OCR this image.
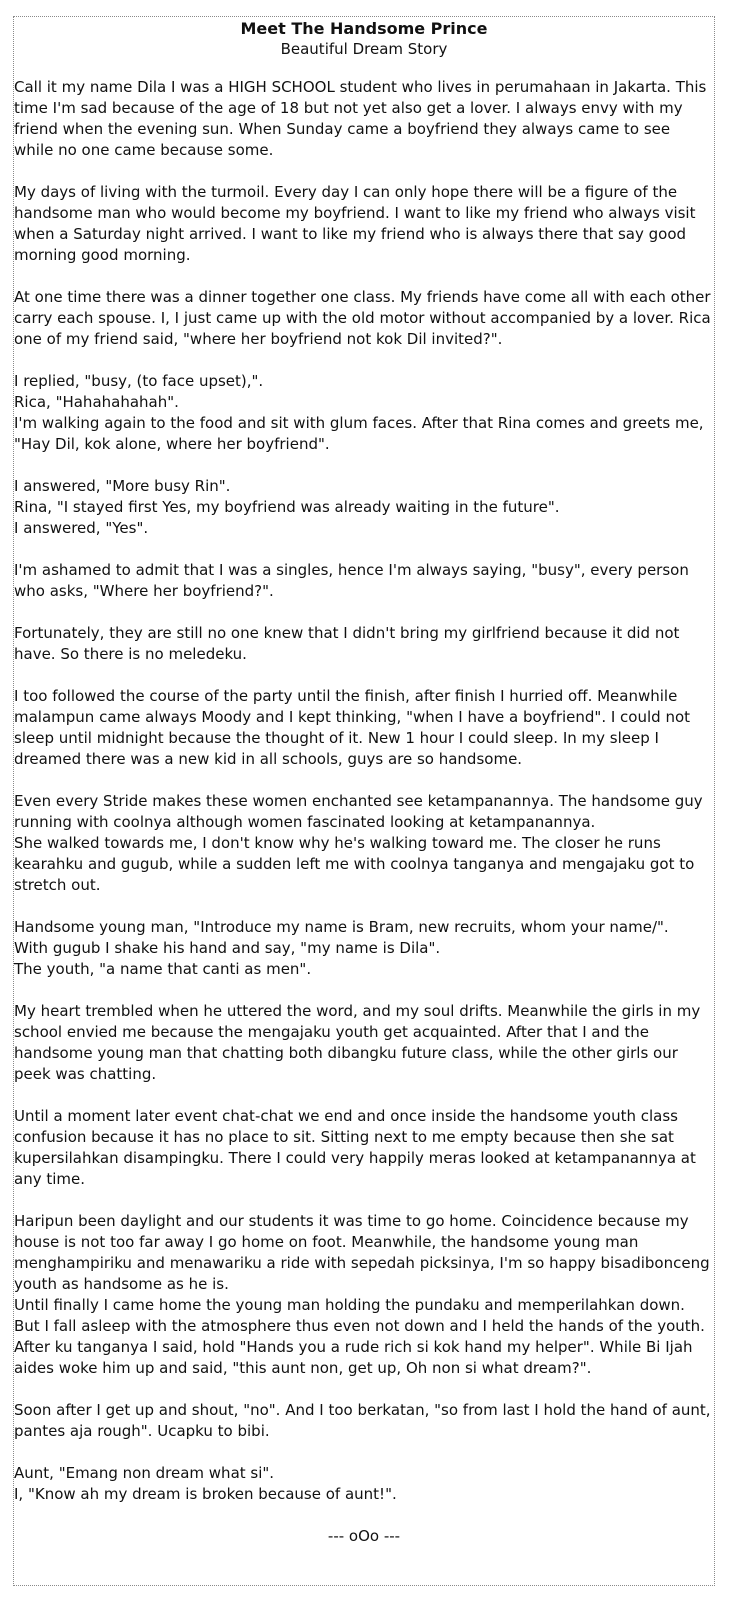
Meet The Handsome Prince

Beautiful Dream Story

Call it my name Dila I was a HIGH SCHOOL student who lives in perumahaan in Jakarta. This time I'm sad because of the age of 18 but not yet also get a lover. I always envy with my friend when the evening sun. When Sunday came a boyfriend they always came to see while no one came because some.
My days of living with the turmoil. Every day I can only hope there will be a figure of the handsome man who would become my boyfriend. I want to like my friend who always visit when a Saturday night arrived. I want to like my friend who is always there that say good morning good morning.
At one time there was a dinner together one class. My friends have come all with each other carry each spouse. I, I just came up with the old motor without accompanied by a lover. Rica one of my friend said, "where her boyfriend not kok Dil invited?".
I replied, "busy, (to face upset),".
Rica, "Hahahahahah".
I'm walking again to the food and sit with glum faces. After that Rina comes and greets me, "Hay Dil, kok alone, where her boyfriend".
I answered, "More busy Rin".
Rina, "I stayed first Yes, my boyfriend was already waiting in the future".
I answered, "Yes".
I'm ashamed to admit that I was a singles, hence I'm always saying, "busy", every person who asks, "Where her boyfriend?".
Fortunately, they are still no one knew that I didn't bring my girlfriend because it did not have. So there is no meledeku.
I too followed the course of the party until the finish, after finish I hurried off. Meanwhile malampun came always Moody and I kept thinking, "when I have a boyfriend". I could not sleep until midnight because the thought of it. New 1 hour I could sleep. In my sleep I dreamed there was a new kid in all schools, guys are so handsome.
Even every Stride makes these women enchanted see ketampanannya. The handsome guy running with coolnya although women fascinated looking at ketampanannya.
She walked towards me, I don't know why he's walking toward me. The closer he runs kearahku and gugub, while a sudden left me with coolnya tanganya and mengajaku got to stretch out.
Handsome young man, "Introduce my name is Bram, new recruits, whom your name/".
With gugub I shake his hand and say, "my name is Dila".
The youth, "a name that canti as men".
My heart trembled when he uttered the word, and my soul drifts. Meanwhile the girls in my school envied me because the mengajaku youth get acquainted. After that I and the handsome young man that chatting both dibangku future class, while the other girls our peek was chatting.
Until a moment later event chat-chat we end and once inside the handsome youth class confusion because it has no place to sit. Sitting next to me empty because then she sat kupersilahkan disampingku. There I could very happily meras looked at ketampanannya at any time.
Haripun been daylight and our students it was time to go home. Coincidence because my house is not too far away I go home on foot. Meanwhile, the handsome young man menghampiriku and menawariku a ride with sepedah picksinya, I'm so happy bisadibonceng youth as handsome as he is.
Until finally I came home the young man holding the pundaku and memperilahkan down. But I fall asleep with the atmosphere thus even not down and I held the hands of the youth. After ku tanganya I said, hold "Hands you a rude rich si kok hand my helper". While Bi Ijah aides woke him up and said, "this aunt non, get up, Oh non si what dream?".
Soon after I get up and shout, "no". And I too berkatan, "so from last I hold the hand of aunt, pantes aja rough". Ucapku to bibi.
Aunt, "Emang non dream what si".
I, "Know ah my dream is broken because of aunt!".
--- oOo ---
